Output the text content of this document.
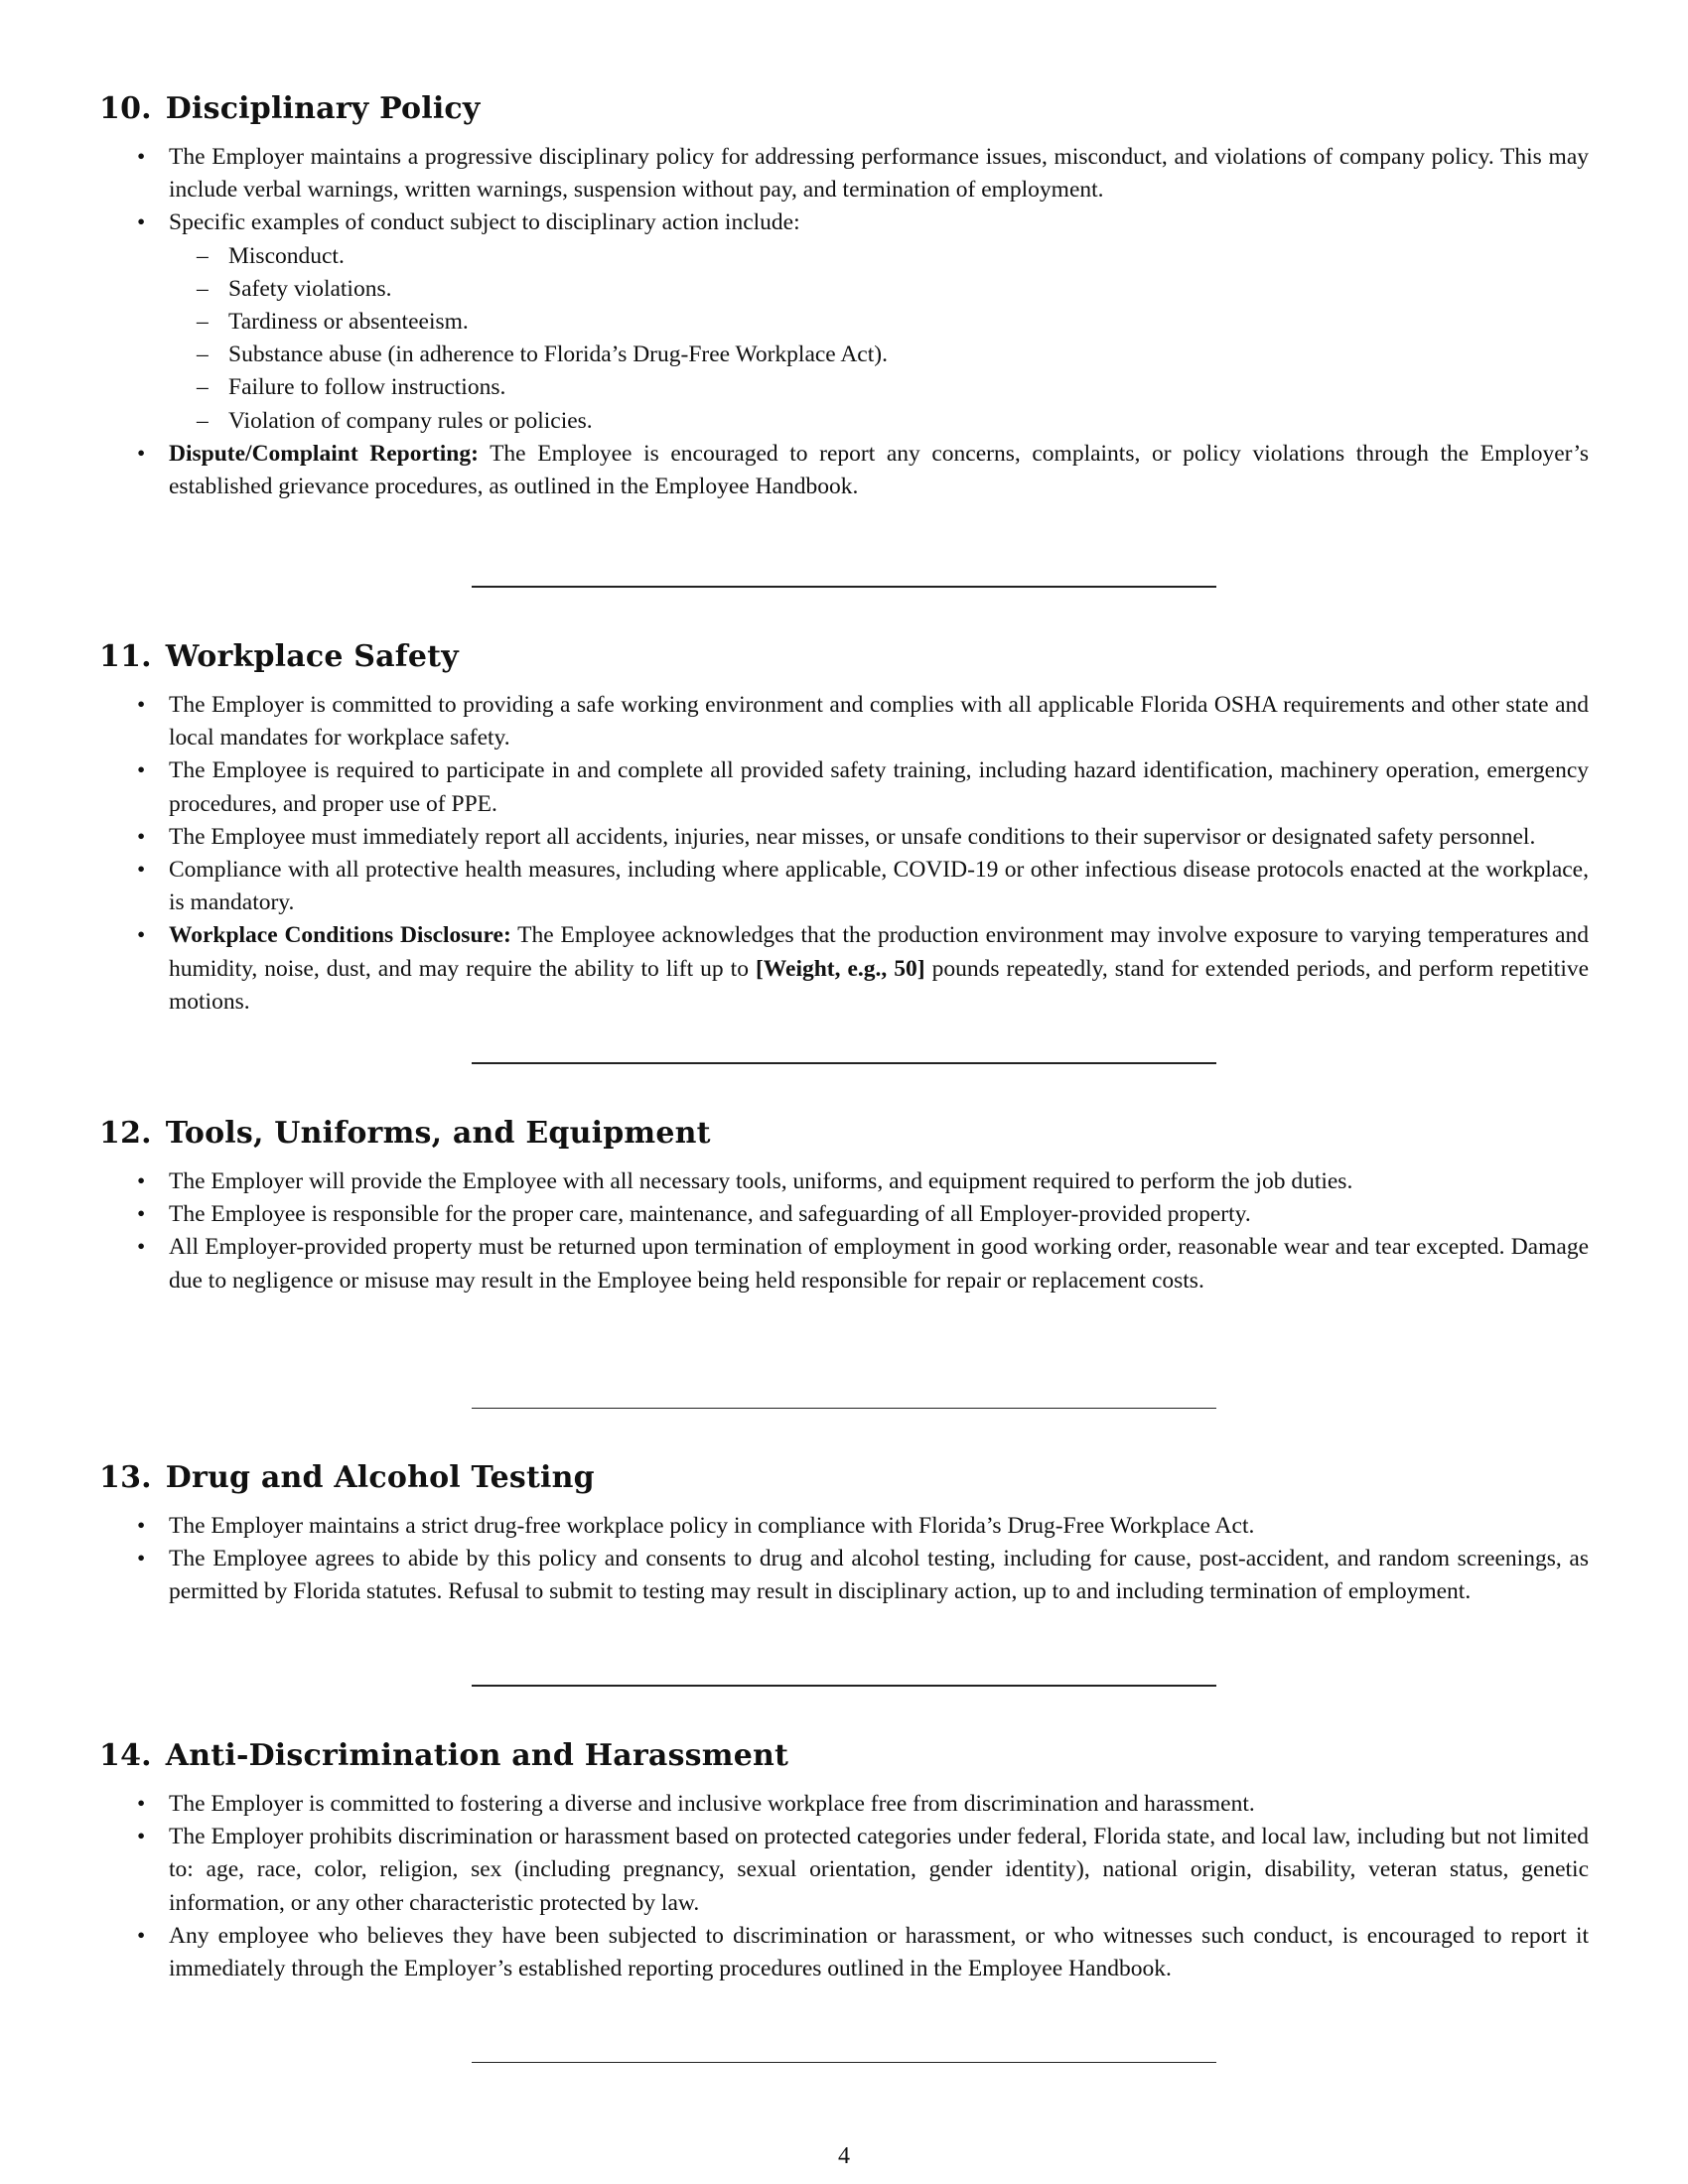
10. Disciplinary Policy
• The Employer maintains a progressive disciplinary policy for addressing performance issues, misconduct, and violations of company policy. This may include verbal warnings, written warnings, suspension without pay, and termination of employment.
• Specific examples of conduct subject to disciplinary action include:
– Misconduct.
– Safety violations.
– Tardiness or absenteeism.
– Substance abuse (in adherence to Florida’s Drug-Free Workplace Act).
– Failure to follow instructions.
– Violation of company rules or policies.
• Dispute/Complaint Reporting: The Employee is encouraged to report any concerns, complaints, or policy violations through the Employer’s established grievance procedures, as outlined in the Employee Handbook.
11. Workplace Safety
• The Employer is committed to providing a safe working environment and complies with all applicable Florida OSHA requirements and other state and local mandates for workplace safety.
• The Employee is required to participate in and complete all provided safety training, including hazard identification, machinery operation, emergency procedures, and proper use of PPE.
• The Employee must immediately report all accidents, injuries, near misses, or unsafe conditions to their supervisor or designated safety personnel.
• Compliance with all protective health measures, including where applicable, COVID-19 or other infectious disease protocols enacted at the workplace, is mandatory.
• Workplace Conditions Disclosure: The Employee acknowledges that the production environment may involve exposure to varying temperatures and humidity, noise, dust, and may require the ability to lift up to [Weight, e.g., 50] pounds repeatedly, stand for extended periods, and perform repetitive motions.
12. Tools, Uniforms, and Equipment
• The Employer will provide the Employee with all necessary tools, uniforms, and equipment required to perform the job duties.
• The Employee is responsible for the proper care, maintenance, and safeguarding of all Employer-provided property.
• All Employer-provided property must be returned upon termination of employment in good working order, reasonable wear and tear excepted. Damage due to negligence or misuse may result in the Employee being held responsible for repair or replacement costs.
13. Drug and Alcohol Testing
• The Employer maintains a strict drug-free workplace policy in compliance with Florida’s Drug-Free Workplace Act.
• The Employee agrees to abide by this policy and consents to drug and alcohol testing, including for cause, post-accident, and random screenings, as permitted by Florida statutes. Refusal to submit to testing may result in disciplinary action, up to and including termination of employment.
14. Anti-Discrimination and Harassment
• The Employer is committed to fostering a diverse and inclusive workplace free from discrimination and harassment.
• The Employer prohibits discrimination or harassment based on protected categories under federal, Florida state, and local law, including but not limited to: age, race, color, religion, sex (including pregnancy, sexual orientation, gender identity), national origin, disability, veteran status, genetic information, or any other characteristic protected by law.
• Any employee who believes they have been subjected to discrimination or harassment, or who witnesses such conduct, is encouraged to report it immediately through the Employer’s established reporting procedures outlined in the Employee Handbook.
4
